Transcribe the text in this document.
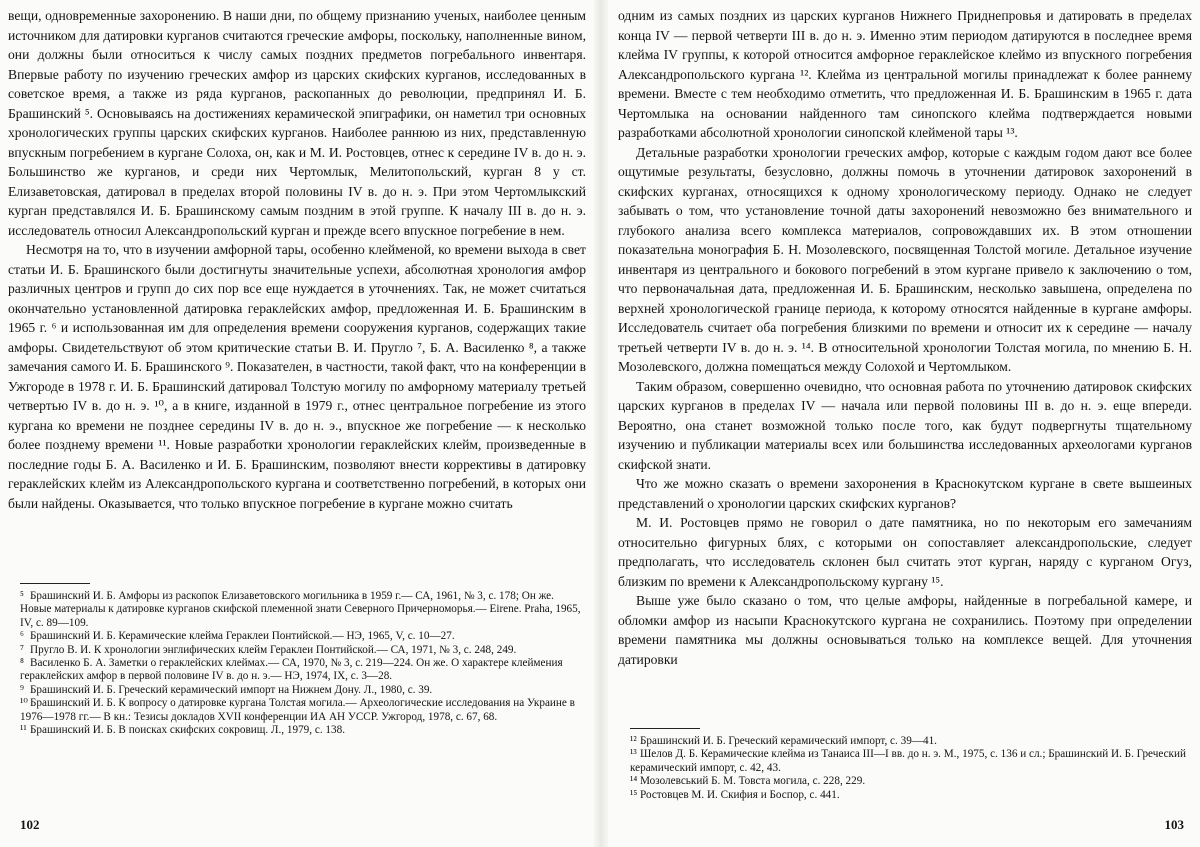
вещи, одновременные захоронению. В наши дни, по общему признанию ученых, наиболее ценным источником для датировки курганов считаются греческие амфоры, поскольку, наполненные вином, они должны были относиться к числу самых поздних предметов погребального инвентаря. Впервые работу по изучению греческих амфор из царских скифских курганов, исследованных в советское время, а также из ряда курганов, раскопанных до революции, предпринял И. Б. Брашинский ⁵. Основываясь на достижениях керамической эпиграфики, он наметил три основных хронологических группы царских скифских курганов. Наиболее раннюю из них, представленную впускным погребением в кургане Солоха, он, как и М. И. Ростовцев, отнес к середине IV в. до н. э. Большинство же курганов, и среди них Чертомлык, Мелитопольский, курган 8 у ст. Елизаветовская, датировал в пределах второй половины IV в. до н. э. При этом Чертомлыкский курган представлялся И. Б. Брашинскому самым поздним в этой группе. К началу III в. до н. э. исследователь относил Александропольский курган и прежде всего впускное погребение в нем.

Несмотря на то, что в изучении амфорной тары, особенно клейменой, ко времени выхода в свет статьи И. Б. Брашинского были достигнуты значительные успехи, абсолютная хронология амфор различных центров и групп до сих пор все еще нуждается в уточнениях. Так, не может считаться окончательно установленной датировка гераклейских амфор, предложенная И. Б. Брашинским в 1965 г. ⁶ и использованная им для определения времени сооружения курганов, содержащих такие амфоры. Свидетельствуют об этом критические статьи В. И. Пругло ⁷, Б. А. Василенко ⁸, а также замечания самого И. Б. Брашинского ⁹. Показателен, в частности, такой факт, что на конференции в Ужгороде в 1978 г. И. Б. Брашинский датировал Толстую могилу по амфорному материалу третьей четвертью IV в. до н. э. ¹⁰, а в книге, изданной в 1979 г., отнес центральное погребение из этого кургана ко времени не позднее середины IV в. до н. э., впускное же погребение — к несколько более позднему времени ¹¹. Новые разработки хронологии гераклейских клейм, произведенные в последние годы Б. А. Василенко и И. Б. Брашинским, позволяют внести коррективы в датировку гераклейских клейм из Александропольского кургана и соответственно погребений, в которых они были найдены. Оказывается, что только впускное погребение в кургане можно считать

⁵ Брашинский И. Б. Амфоры из раскопок Елизаветовского могильника в 1959 г.— СА, 1961, № 3, с. 178; Он же. Новые материалы к датировке курганов скифской племенной знати Северного Причерноморья.— Eirene. Praha, 1965, IV, с. 89—109.

⁶ Брашинский И. Б. Керамические клейма Гераклеи Понтийской.— НЭ, 1965, V, с. 10—27.

⁷ Пругло В. И. К хронологии энглифических клейм Гераклеи Понтийской.— СА, 1971, № 3, с. 248, 249.

⁸ Василенко Б. А. Заметки о гераклейских клеймах.— СА, 1970, № 3, с. 219—224. Он же. О характере клеймения гераклейских амфор в первой половине IV в. до н. э.— НЭ, 1974, IX, с. 3—28.

⁹ Брашинский И. Б. Греческий керамический импорт на Нижнем Дону. Л., 1980, с. 39.

¹⁰ Брашинский И. Б. К вопросу о датировке кургана Толстая могила.— Археологические исследования на Украине в 1976—1978 гг.— В кн.: Тезисы докладов XVII конференции ИА АН УССР. Ужгород, 1978, с. 67, 68.

¹¹ Брашинский И. Б. В поисках скифских сокровищ. Л., 1979, с. 138.

102

одним из самых поздних из царских курганов Нижнего Приднепровья и датировать в пределах конца IV — первой четверти III в. до н. э. Именно этим периодом датируются в последнее время клейма IV группы, к которой относится амфорное гераклейское клеймо из впускного погребения Александропольского кургана ¹². Клейма из центральной могилы принадлежат к более раннему времени. Вместе с тем необходимо отметить, что предложенная И. Б. Брашинским в 1965 г. дата Чертомлыка на основании найденного там синопского клейма подтверждается новыми разработками абсолютной хронологии синопской клейменой тары ¹³.

Детальные разработки хронологии греческих амфор, которые с каждым годом дают все более ощутимые результаты, безусловно, должны помочь в уточнении датировок захоронений в скифских курганах, относящихся к одному хронологическому периоду. Однако не следует забывать о том, что установление точной даты захоронений невозможно без внимательного и глубокого анализа всего комплекса материалов, сопровождавших их. В этом отношении показательна монография Б. Н. Мозолевского, посвященная Толстой могиле. Детальное изучение инвентаря из центрального и бокового погребений в этом кургане привело к заключению о том, что первоначальная дата, предложенная И. Б. Брашинским, несколько завышена, определена по верхней хронологической границе периода, к которому относятся найденные в кургане амфоры. Исследователь считает оба погребения близкими по времени и относит их к середине — началу третьей четверти IV в. до н. э. ¹⁴. В относительной хронологии Толстая могила, по мнению Б. Н. Мозолевского, должна помещаться между Солохой и Чертомлыком.

Таким образом, совершенно очевидно, что основная работа по уточнению датировок скифских царских курганов в пределах IV — начала или первой половины III в. до н. э. еще впереди. Вероятно, она станет возможной только после того, как будут подвергнуты тщательному изучению и публикации материалы всех или большинства исследованных археологами курганов скифской знати.

Что же можно сказать о времени захоронения в Краснокутском кургане в свете вышеиных представлений о хронологии царских скифских курганов?

М. И. Ростовцев прямо не говорил о дате памятника, но по некоторым его замечаниям относительно фигурных блях, с которыми он сопоставляет александропольские, следует предполагать, что исследователь склонен был считать этот курган, наряду с курганом Огуз, близким по времени к Александропольскому кургану ¹⁵.

Выше уже было сказано о том, что целые амфоры, найденные в погребальной камере, и обломки амфор из насыпи Краснокутского кургана не сохранились. Поэтому при определении времени памятника мы должны основываться только на комплексе вещей. Для уточнения датировки

¹² Брашинский И. Б. Греческий керамический импорт, с. 39—41.

¹³ Шелов Д. Б. Керамические клейма из Танаиса III—I вв. до н. э. М., 1975, с. 136 и сл.; Брашинский И. Б. Греческий керамический импорт, с. 42, 43.

¹⁴ Мозолевський Б. М. Товста могила, с. 228, 229.

¹⁵ Ростовцев М. И. Скифия и Боспор, с. 441.

103
